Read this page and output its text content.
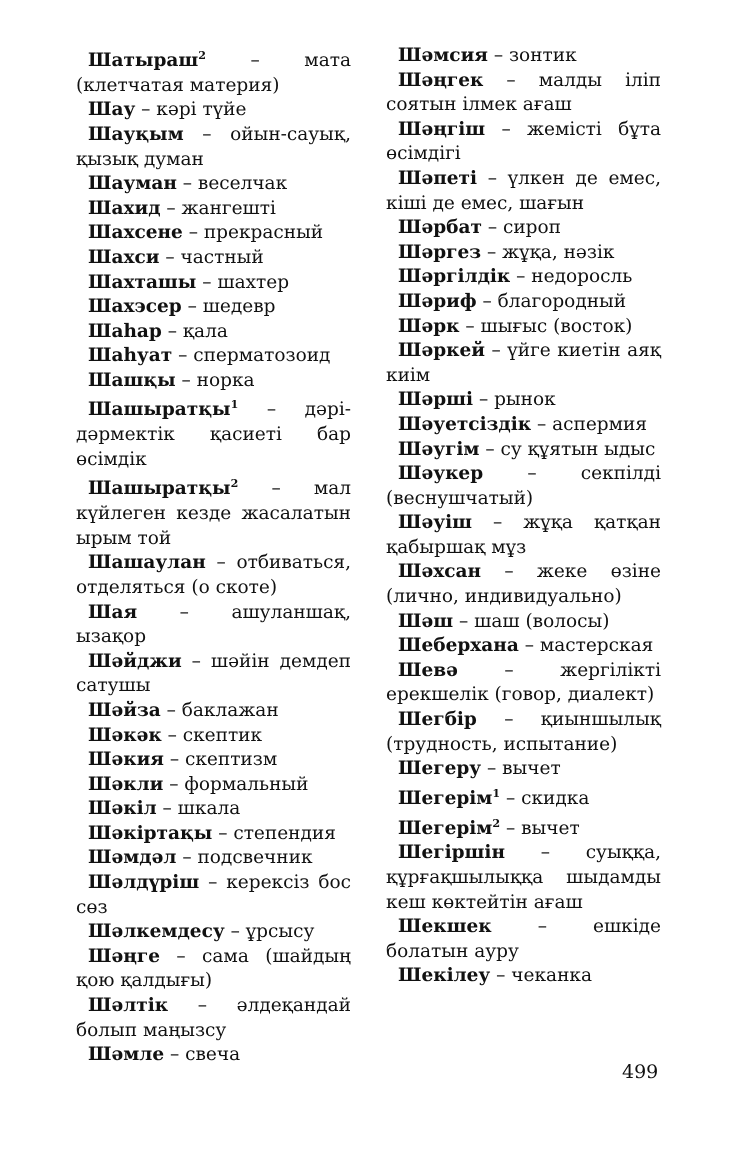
Шатыраш$^2$ – мата (клетчатая материя)

Шау – кәрі түйе

Шауқым – ойын-сауық, қызық думан

Шауман – веселчак

Шахид – жангешті

Шахсене – прекрасный

Шахси – частный

Шахташы – шахтер

Шахэсер – шедевр

Шаһар – қала

Шаһуат – сперматозоид

Шашқы – норка

Шашыратқы$^1$ – дәрі-дәрмектік қасиеті бар өсімдік

Шашыратқы$^2$ – мал күйлеген кезде жасалатын ырым той

Шашаулан – отбиваться, отделяться (о скоте)

Шая – ашуланшақ, ызақор

Шәйджи – шәйін демдеп сатушы

Шәйза – баклажан

Шәкәк – скептик

Шәкия – скептизм

Шәкли – формальный

Шәкіл – шкала

Шәкіртақы – степендия

Шәмдәл – подсвечник

Шәлдүріш – керексіз бос сөз

Шәлкемдесу – ұрсысу

Шәңге – сама (шайдың қою қалдығы)

Шәлтік – әлдеқандай болып маңызсу

Шәмле – свеча

Шәмсия – зонтик

Шәңгек – малды іліп соятын ілмек ағаш

Шәңгіш – жемісті бұта өсімдігі

Шәпеті – үлкен де емес, кіші де емес, шағын

Шәрбат – сироп

Шәргез – жұқа, нәзік

Шәргілдік – недоросль

Шәриф – благородный

Шәрк – шығыс (восток)

Шәркей – үйге киетін аяқ киім

Шәрші – рынок

Шәуетсіздік – аспермия

Шәугім – су құятын ыдыс

Шәукер – секпілді (веснушчатый)

Шәуіш – жұқа қатқан қабыршақ мұз

Шәхсан – жеке өзіне (лично, индивидуально)

Шәш – шаш (волосы)

Шеберхана – мастерская

Шевә – жергілікті ерекшелік (говор, диалект)

Шегбір – қиыншылық (трудность, испытание)

Шегеру – вычет

Шегерім$^1$ – скидка

Шегерім$^2$ – вычет

Шегіршін – суыққа, құрғақшылыққа шыдамды кеш көктейтін ағаш

Шекшек – ешкіде болатын ауру

Шекілеу – чеканка

499
